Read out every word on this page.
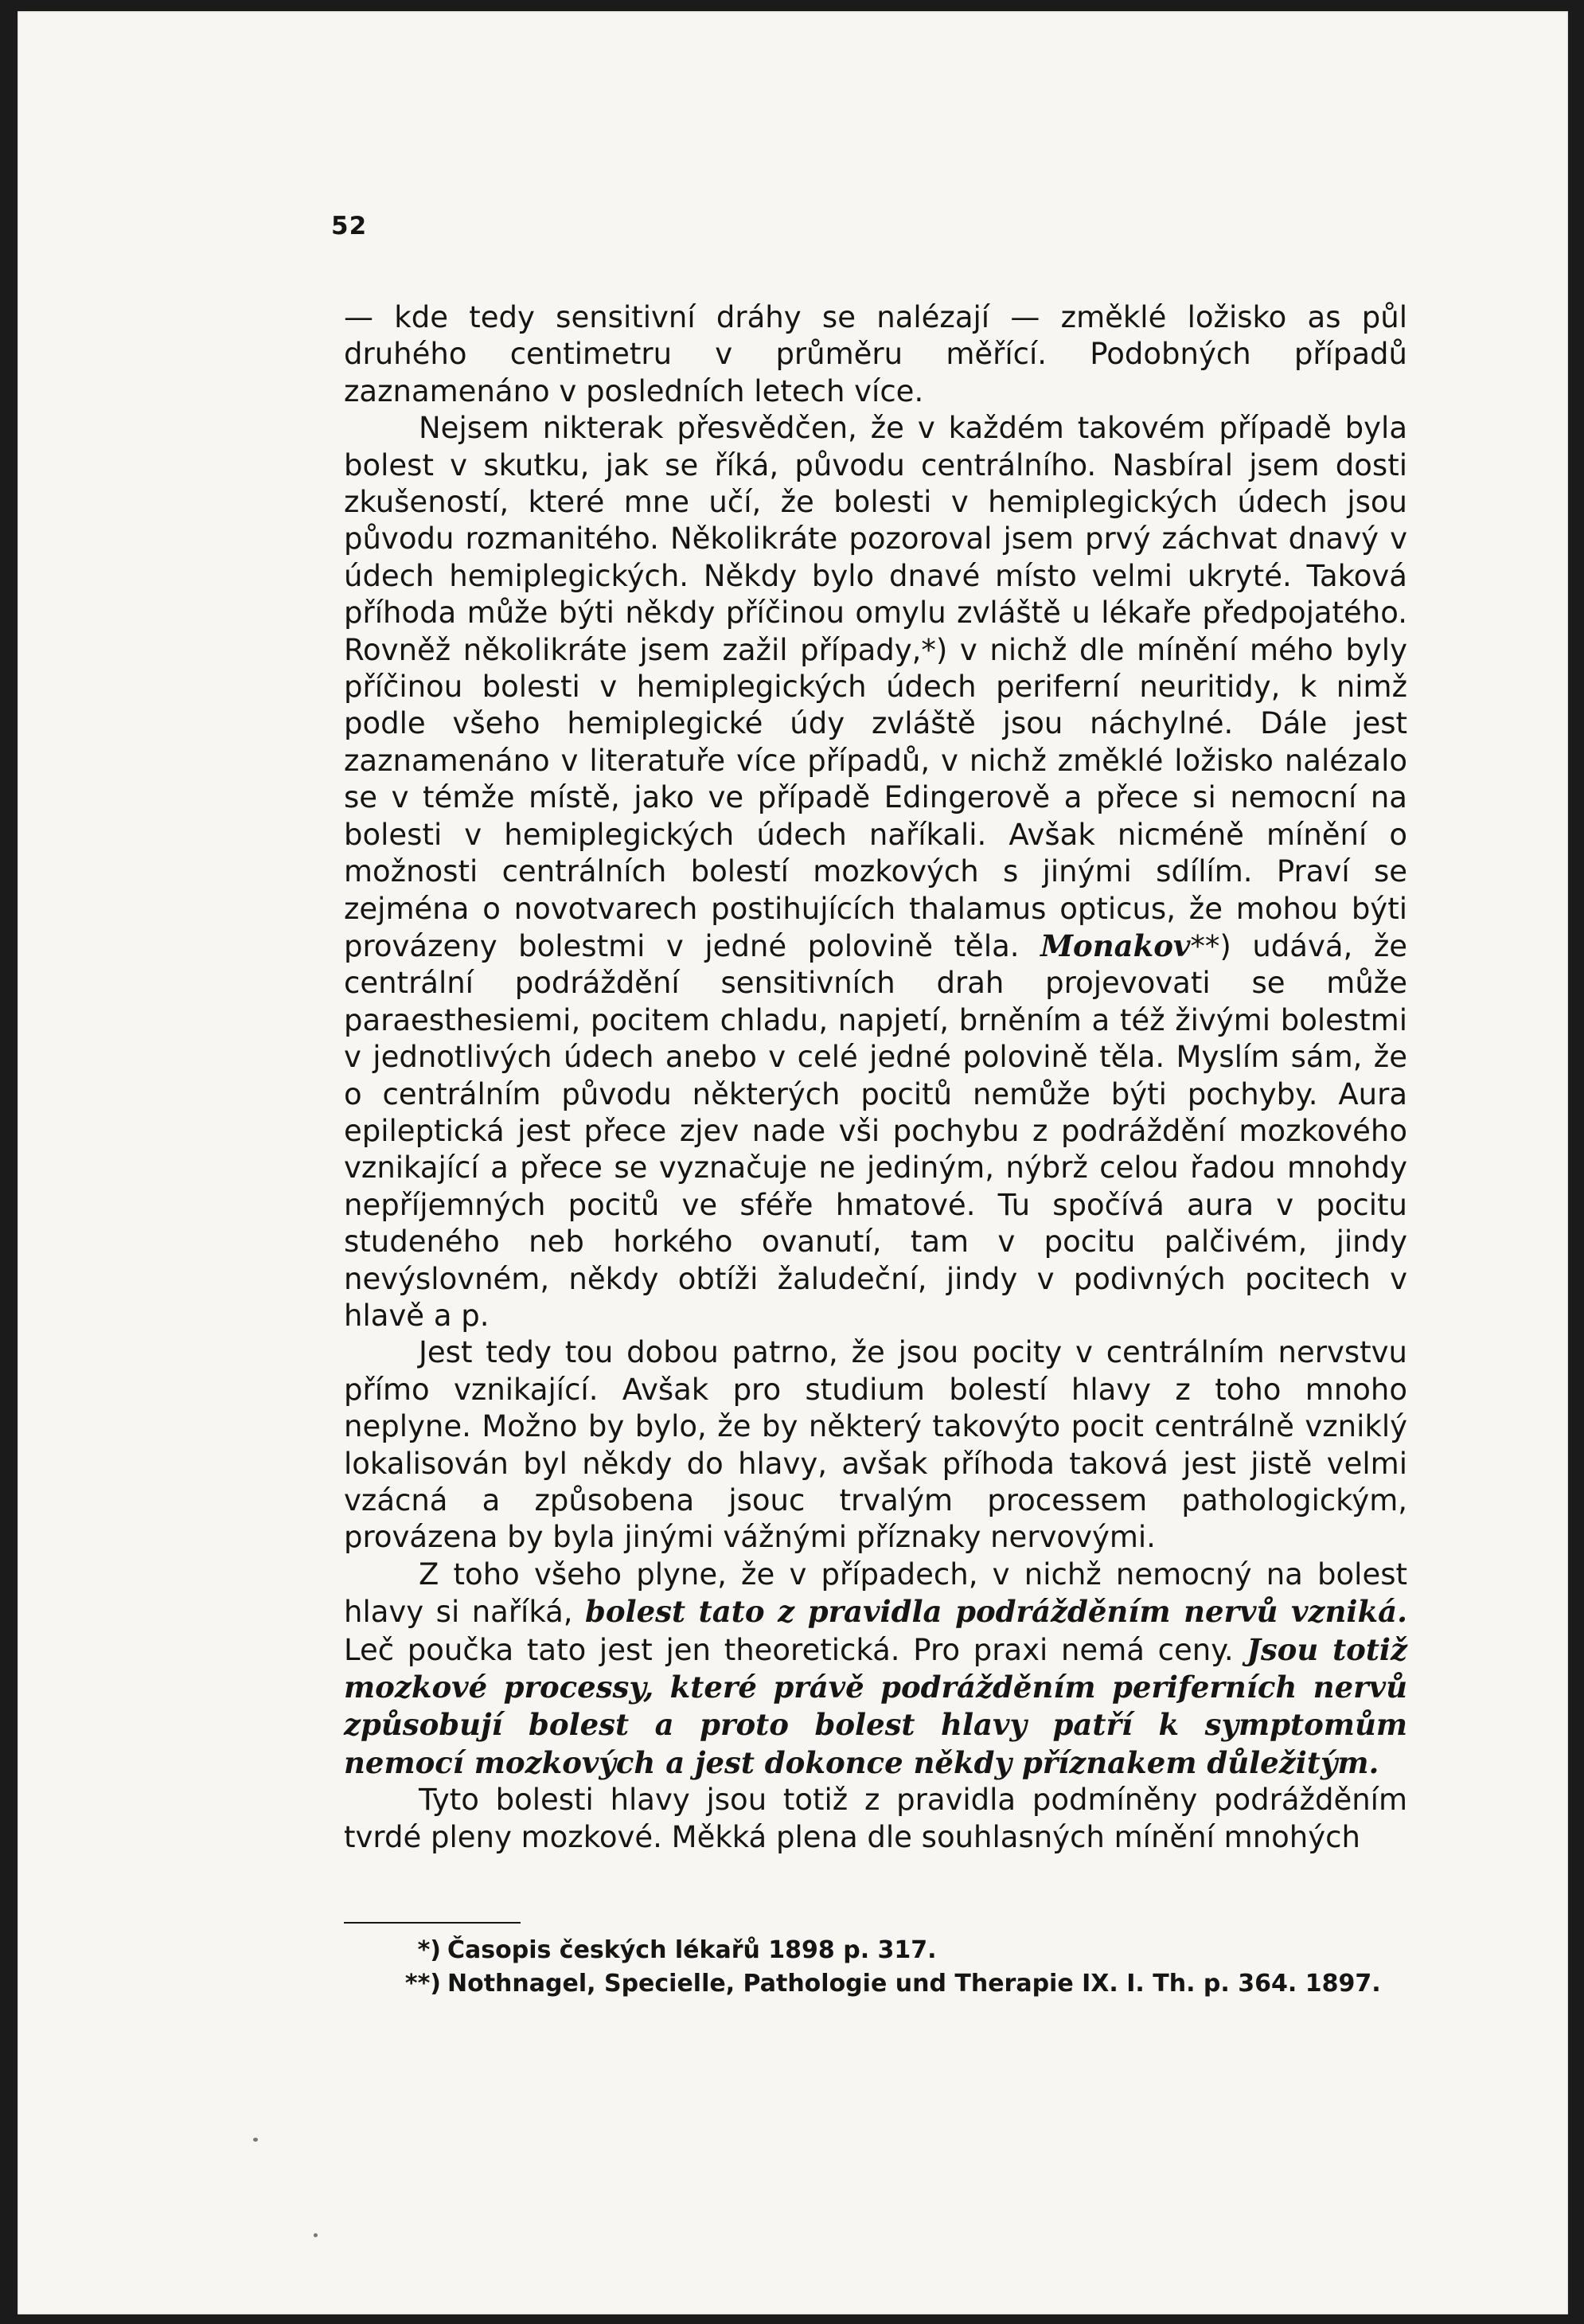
52

— kde tedy sensitivní dráhy se nalézají — změklé ložisko as půl druhého centimetru v průměru měřící. Podobných případů zaznamenáno v posledních letech více.

Nejsem nikterak přesvědčen, že v každém takovém případě byla bolest v skutku, jak se říká, původu centrálního. Nasbíral jsem dosti zkušeností, které mne učí, že bolesti v hemiplegických údech jsou původu rozmanitého. Několikráte pozoroval jsem prvý záchvat dnavý v údech hemiplegických. Někdy bylo dnavé místo velmi ukryté. Taková příhoda může býti někdy příčinou omylu zvláště u lékaře předpojatého. Rovněž několikráte jsem zažil případy,*) v nichž dle mínění mého byly příčinou bolesti v hemiplegických údech periferní neuritidy, k nimž podle všeho hemiplegické údy zvláště jsou náchylné. Dále jest zaznamenáno v literatuře více případů, v nichž změklé ložisko nalézalo se v témže místě, jako ve případě Edingerově a přece si nemocní na bolesti v hemiplegických údech naříkali. Avšak nicméně mínění o možnosti centrálních bolestí mozkových s jinými sdílím. Praví se zejména o novotvarech postihujících thalamus opticus, že mohou býti provázeny bolestmi v jedné polovině těla. Monakov**) udává, že centrální podráždění sensitivních drah projevovati se může paraesthesiemi, pocitem chladu, napjetí, brněním a též živými bolestmi v jednotlivých údech anebo v celé jedné polovině těla. Myslím sám, že o centrálním původu některých pocitů nemůže býti pochyby. Aura epileptická jest přece zjev nade vši pochybu z podráždění mozkového vznikající a přece se vyznačuje ne jediným, nýbrž celou řadou mnohdy nepříjemných pocitů ve sféře hmatové. Tu spočívá aura v pocitu studeného neb horkého ovanutí, tam v pocitu palčivém, jindy nevýslovném, někdy obtíži žaludeční, jindy v podivných pocitech v hlavě a p.

Jest tedy tou dobou patrno, že jsou pocity v centrálním nervstvu přímo vznikající. Avšak pro studium bolestí hlavy z toho mnoho neplyne. Možno by bylo, že by některý takovýto pocit centrálně vzniklý lokalisován byl někdy do hlavy, avšak příhoda taková jest jistě velmi vzácná a způsobena jsouc trvalým processem pathologickým, provázena by byla jinými vážnými příznaky nervovými.

Z toho všeho plyne, že v případech, v nichž nemocný na bolest hlavy si naříká, bolest tato z pravidla podrážděním nervů vzniká. Leč poučka tato jest jen theoretická. Pro praxi nemá ceny. Jsou totiž mozkové processy, které právě podrážděním periferních nervů způsobují bolest a proto bolest hlavy patří k symptomům nemocí mozkových a jest dokonce někdy příznakem důležitým.

Tyto bolesti hlavy jsou totiž z pravidla podmíněny podrážděním tvrdé pleny mozkové. Měkká plena dle souhlasných mínění mnohých

*) Časopis českých lékařů 1898 p. 317.
**) Nothnagel, Specielle, Pathologie und Therapie IX. I. Th. p. 364. 1897.
